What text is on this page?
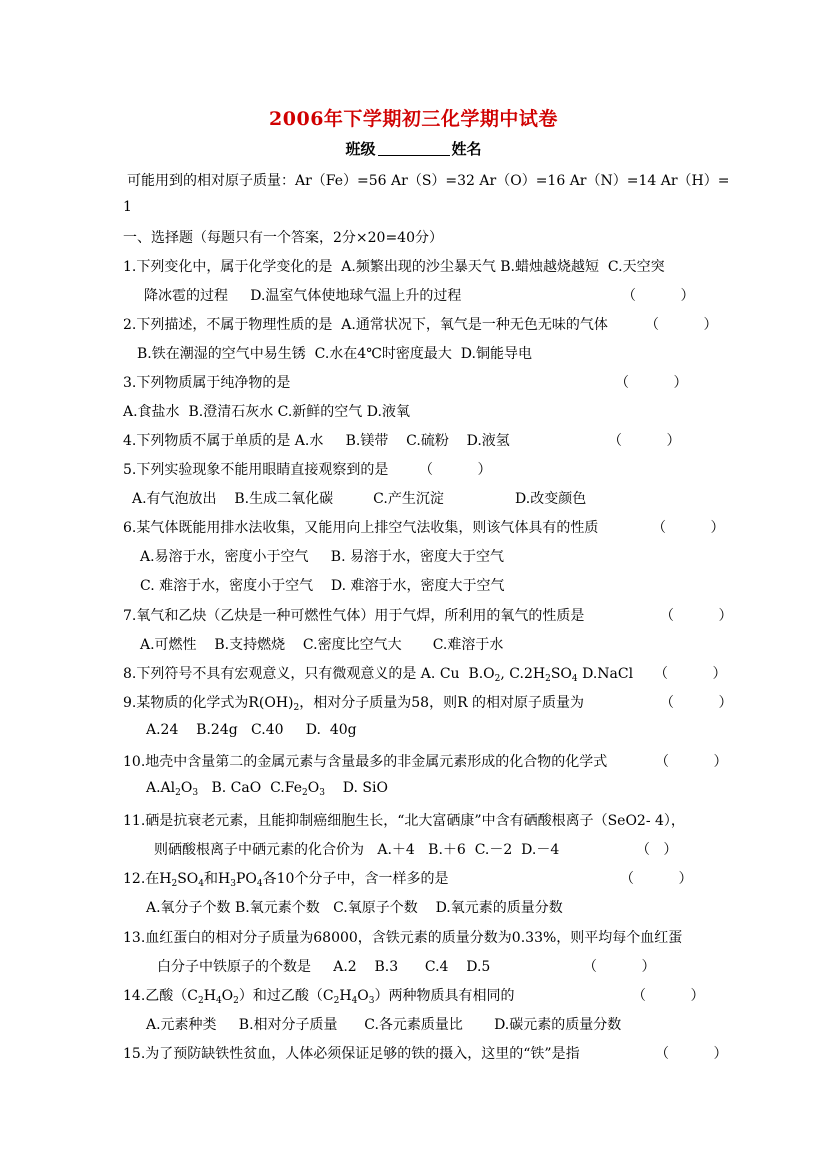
2006年下学期初三化学期中试卷
班级	姓名
可能用到的相对原子质量：Ar（Fe）=56 Ar（S）=32 Ar（O）=16 Ar（N）=14 Ar（H）=
1
一、选择题（每题只有一个答案，2分×20=40分）
1.下列变化中，属于化学变化的是  A.频繁出现的沙尘暴天气 B.蜡烛越烧越短  C.天空突
降冰雹的过程     D.温室气体使地球气温上升的过程	（          ）
2.下列描述，不属于物理性质的是  A.通常状况下，氧气是一种无色无味的气体	（          ）
B.铁在潮湿的空气中易生锈  C.水在4℃时密度最大  D.铜能导电
3.下列物质属于纯净物的是	（          ）
A.食盐水  B.澄清石灰水 C.新鲜的空气 D.液氧
4.下列物质不属于单质的是 A.水     B.镁带    C.硫粉    D.液氢	（          ）
5.下列实验现象不能用眼睛直接观察到的是 （          ）
A.有气泡放出    B.生成二氧化碳         C.产生沉淀                D.改变颜色
6.某气体既能用排水法收集，又能用向上排空气法收集，则该气体具有的性质	（          ）
A.易溶于水，密度小于空气     B. 易溶于水，密度大于空气
C. 难溶于水，密度小于空气    D. 难溶于水，密度大于空气
7.氧气和乙炔（乙炔是一种可燃性气体）用于气焊，所利用的氧气的性质是	（          ）
A.可燃性    B.支持燃烧    C.密度比空气大       C.难溶于水
8.下列符号不具有宏观意义，只有微观意义的是 A. Cu  $B.O_2$, $C.2H_2SO_4$ D.NaCl （          ）
9.某物质的化学式为$R(OH)_2$，相对分子质量为58，则R 的相对原子质量为	（          ）
A.24    B.24g   C.40     D.  40g
10.地壳中含量第二的金属元素与含量最多的非金属元素形成的化合物的化学式	（          ）
$A.Al_2O_3$ B. CaO  $C.Fe_2O_3$    D. SiO
11.硒是抗衰老元素，且能抑制癌细胞生长，“北大富硒康”中含有硒酸根离子（SeO2- 4），
则硒酸根离子中硒元素的化合价为   A.＋4   B.＋6  C.－2  D.－4	（   ）
12.在$H_2SO_4$和$H_3PO_4$各10个分子中，含一样多的是	（          ）
A.氧分子个数 B.氧元素个数   C.氧原子个数    D.氧元素的质量分数
13.血红蛋白的相对分子质量为68000，含铁元素的质量分数为0.33%，则平均每个血红蛋
白分子中铁原子的个数是     A.2    B.3      C.4    D.5	（          ）
14.乙酸$(C_2H_4O_2)$和过乙酸$(C_2H_4O_3)$两种物质具有相同的	（          ）
A.元素种类     B.相对分子质量      C.各元素质量比       D.碳元素的质量分数
15.为了预防缺铁性贫血，人体必须保证足够的铁的摄入，这里的“铁”是指	（          ）
